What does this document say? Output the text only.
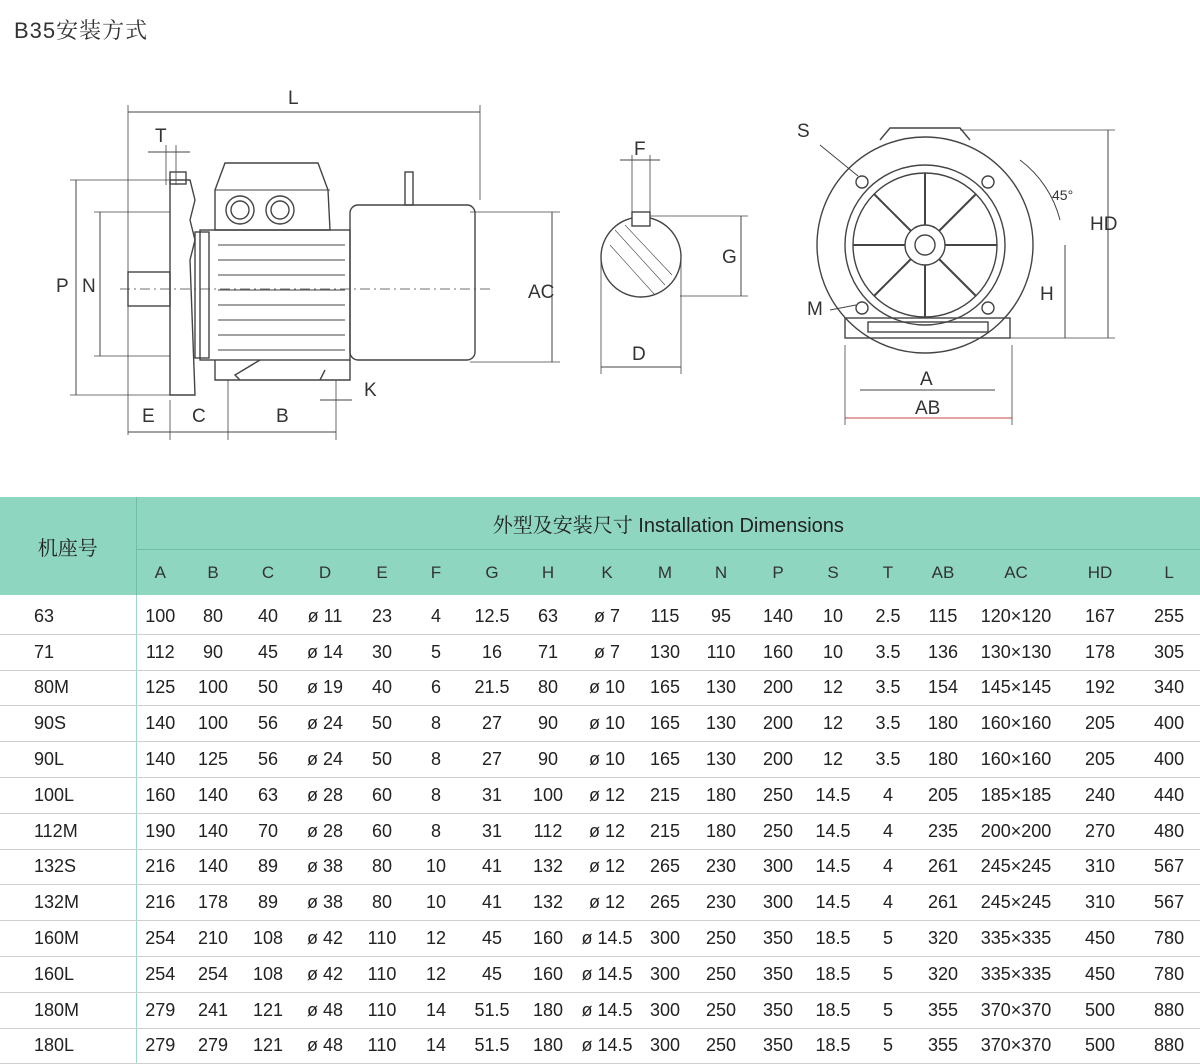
B35安装方式
L
T
P N	AC
E C	B
K
F
G
D
S
45°
HD
H
M
A
AB
机座号	外型及安装尺寸 Installation Dimensions																	
	A	B	C	D	E	F	G	H	K	M	N	P	S	T	AB	AC	HD	L
63	100	80	40	ø 11	23	4	12.5	63	ø 7	115	95	140	10	2.5	115	120×120	167	255
71	112	90	45	ø 14	30	5	16	71	ø 7	130	110	160	10	3.5	136	130×130	178	305
80M	125	100	50	ø 19	40	6	21.5	80	ø 10	165	130	200	12	3.5	154	145×145	192	340
90S	140	100	56	ø 24	50	8	27	90	ø 10	165	130	200	12	3.5	180	160×160	205	400
90L	140	125	56	ø 24	50	8	27	90	ø 10	165	130	200	12	3.5	180	160×160	205	400
100L	160	140	63	ø 28	60	8	31	100	ø 12	215	180	250	14.5	4	205	185×185	240	440
112M	190	140	70	ø 28	60	8	31	112	ø 12	215	180	250	14.5	4	235	200×200	270	480
132S	216	140	89	ø 38	80	10	41	132	ø 12	265	230	300	14.5	4	261	245×245	310	567
132M	216	178	89	ø 38	80	10	41	132	ø 12	265	230	300	14.5	4	261	245×245	310	567
160M	254	210	108	ø 42	110	12	45	160	ø 14.5	300	250	350	18.5	5	320	335×335	450	780
160L	254	254	108	ø 42	110	12	45	160	ø 14.5	300	250	350	18.5	5	320	335×335	450	780
180M	279	241	121	ø 48	110	14	51.5	180	ø 14.5	300	250	350	18.5	5	355	370×370	500	880
180L	279	279	121	ø 48	110	14	51.5	180	ø 14.5	300	250	350	18.5	5	355	370×370	500	880
